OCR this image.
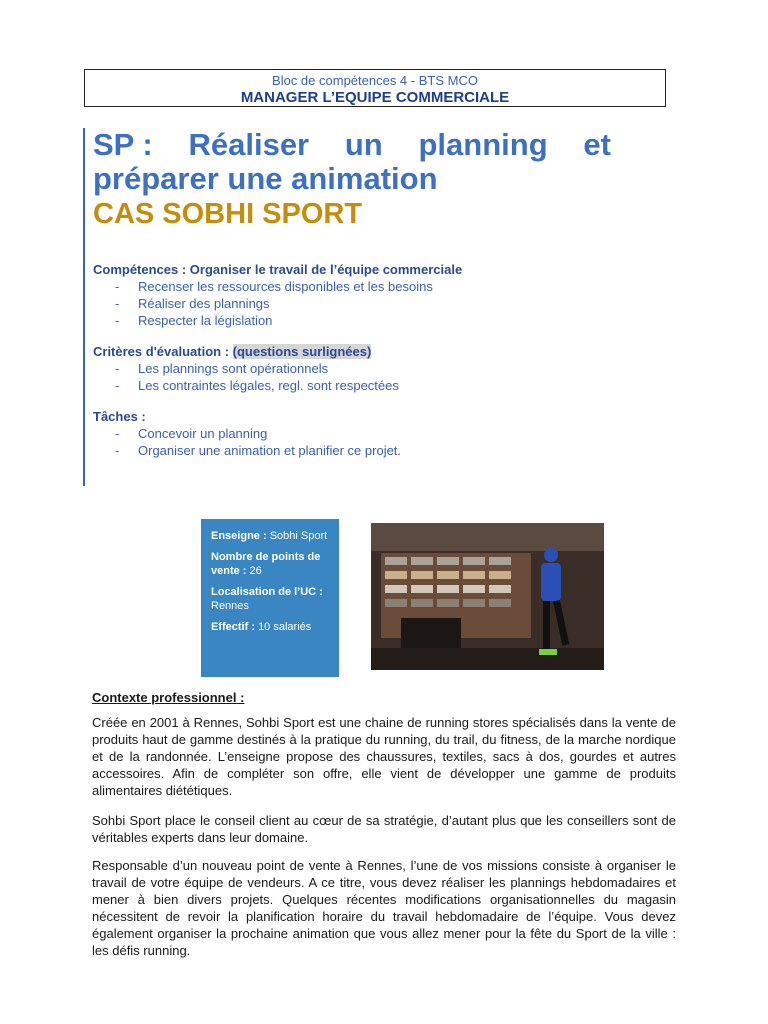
Bloc de compétences 4 - BTS MCO
MANAGER L’EQUIPE COMMERCIALE
SP : Réaliser un planning et
préparer une animation
CAS SOBHI SPORT
Compétences : Organiser le travail de l’équipe commerciale
- Recenser les ressources disponibles et les besoins
- Réaliser des plannings
- Respecter la législation
Critères d'évaluation : (questions surlignées)
- Les plannings sont opérationnels
- Les contraintes légales, regl. sont respectées
Tâches :
- Concevoir un planning
- Organiser une animation et planifier ce projet.
Enseigne : Sobhi Sport
Nombre de points de vente : 26
Localisation de l’UC :
Rennes
Effectif : 10 salariés
Contexte professionnel :
Créée en 2001 à Rennes, Sohbi Sport est une chaine de running stores spécialisés dans la vente de produits haut de gamme destinés à la pratique du running, du trail, du fitness, de la marche nordique et de la randonnée. L’enseigne propose des chaussures, textiles, sacs à dos, gourdes et autres accessoires. Afin de compléter son offre, elle vient de développer une gamme de produits alimentaires diététiques.
Sohbi Sport place le conseil client au cœur de sa stratégie, d’autant plus que les conseillers sont de véritables experts dans leur domaine.
Responsable d’un nouveau point de vente à Rennes, l’une de vos missions consiste à organiser le travail de votre équipe de vendeurs. A ce titre, vous devez réaliser les plannings hebdomadaires et mener à bien divers projets. Quelques récentes modifications organisationnelles du magasin nécessitent de revoir la planification horaire du travail hebdomadaire de l’équipe. Vous devez également organiser la prochaine animation que vous allez mener pour la fête du Sport de la ville : les défis running.
